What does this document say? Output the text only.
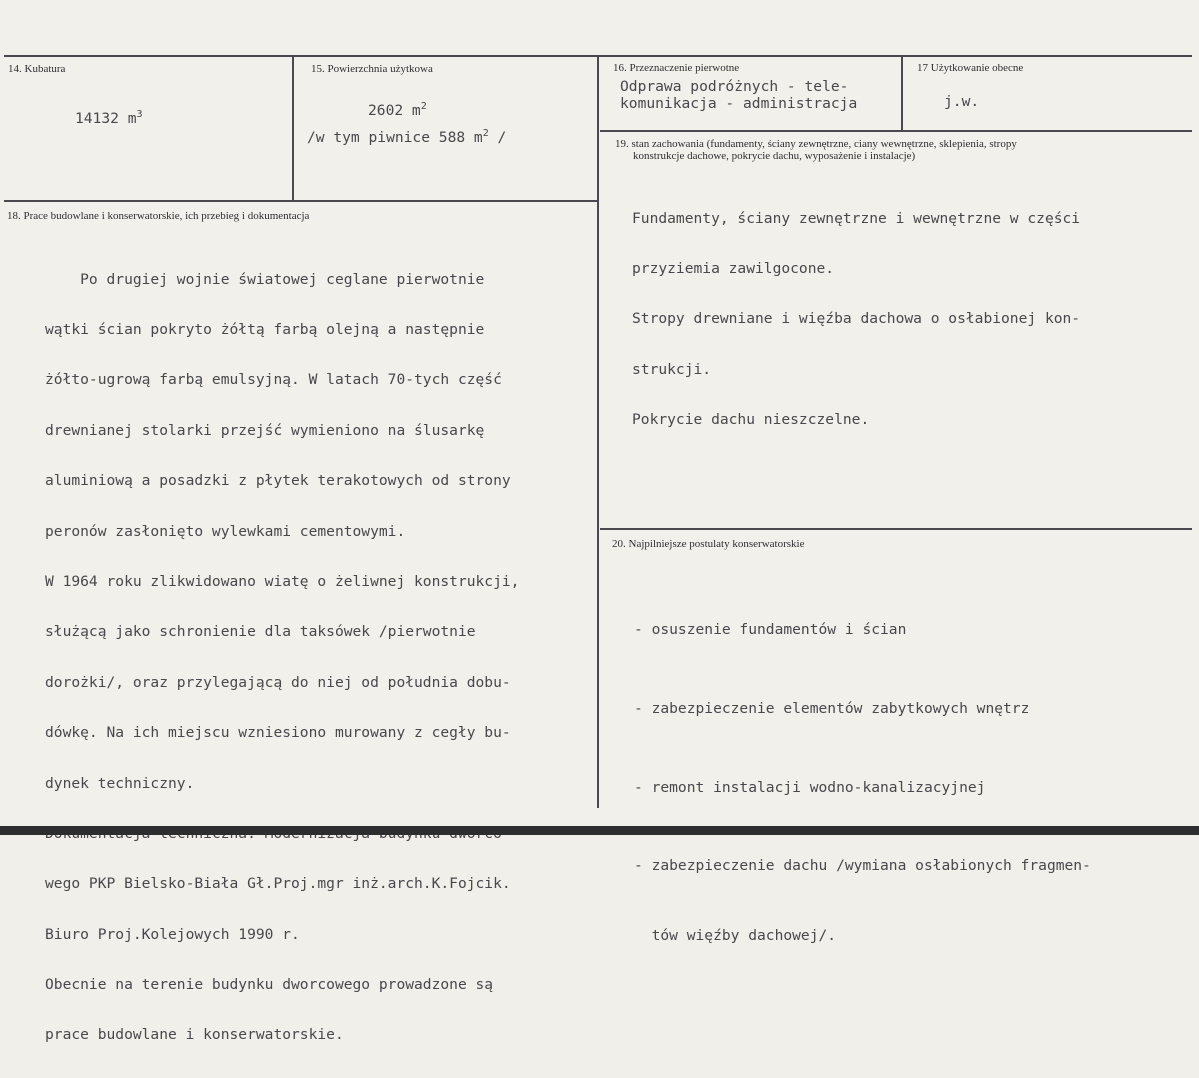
14. Kubatura
14132 $m^3$
15. Powierzchnia użytkowa
2602 $m^2$
/w tym piwnice 588 $m^2$ /
16. Przeznaczenie pierwotne
Odprawa podróżnych - tele-
komunikacja - administracja
17 Użytkowanie obecne
j.w.
18. Prace budowlane i konserwatorskie, ich przebieg i dokumentacja

Po drugiej wojnie światowej ceglane pierwotnie

wątki ścian pokryto żółtą farbą olejną a następnie

żółto-ugrową farbą emulsyjną. W latach 70-tych część

drewnianej stolarki przejść wymieniono na ślusarkę

aluminiową a posadzki z płytek terakotowych od strony

peronów zasłonięto wylewkami cementowymi.

W 1964 roku zlikwidowano wiatę o żeliwnej konstrukcji,

służącą jako schronienie dla taksówek /pierwotnie

dorożki/, oraz przylegającą do niej od południa dobu-

dówkę. Na ich miejscu wzniesiono murowany z cegły bu-

dynek techniczny.

wego PKP Bielsko-Biała Gł.Proj.mgr inż.arch.K.Fojcik.

Biuro Proj.Kolejowych 1990 r.

Obecnie na terenie budynku dworcowego prowadzone są

prace budowlane i konserwatorskie.

19. stan zachowania (fundamenty, ściany zewnętrzne, ciany wewnętrzne, sklepienia, stropy
konstrukcje dachowe, pokrycie dachu, wyposażenie i instalacje)

Fundamenty, ściany zewnętrzne i wewnętrzne w części

przyziemia zawilgocone.

Stropy drewniane i więźba dachowa o osłabionej kon-

strukcji.

Pokrycie dachu nieszczelne.

20. Najpilniejsze postulaty konserwatorskie

- osuszenie fundamentów i ścian

- zabezpieczenie elementów zabytkowych wnętrz

- remont instalacji wodno-kanalizacyjnej

- zabezpieczenie dachu /wymiana osłabionych fragmen-

tów więźby dachowej/.
